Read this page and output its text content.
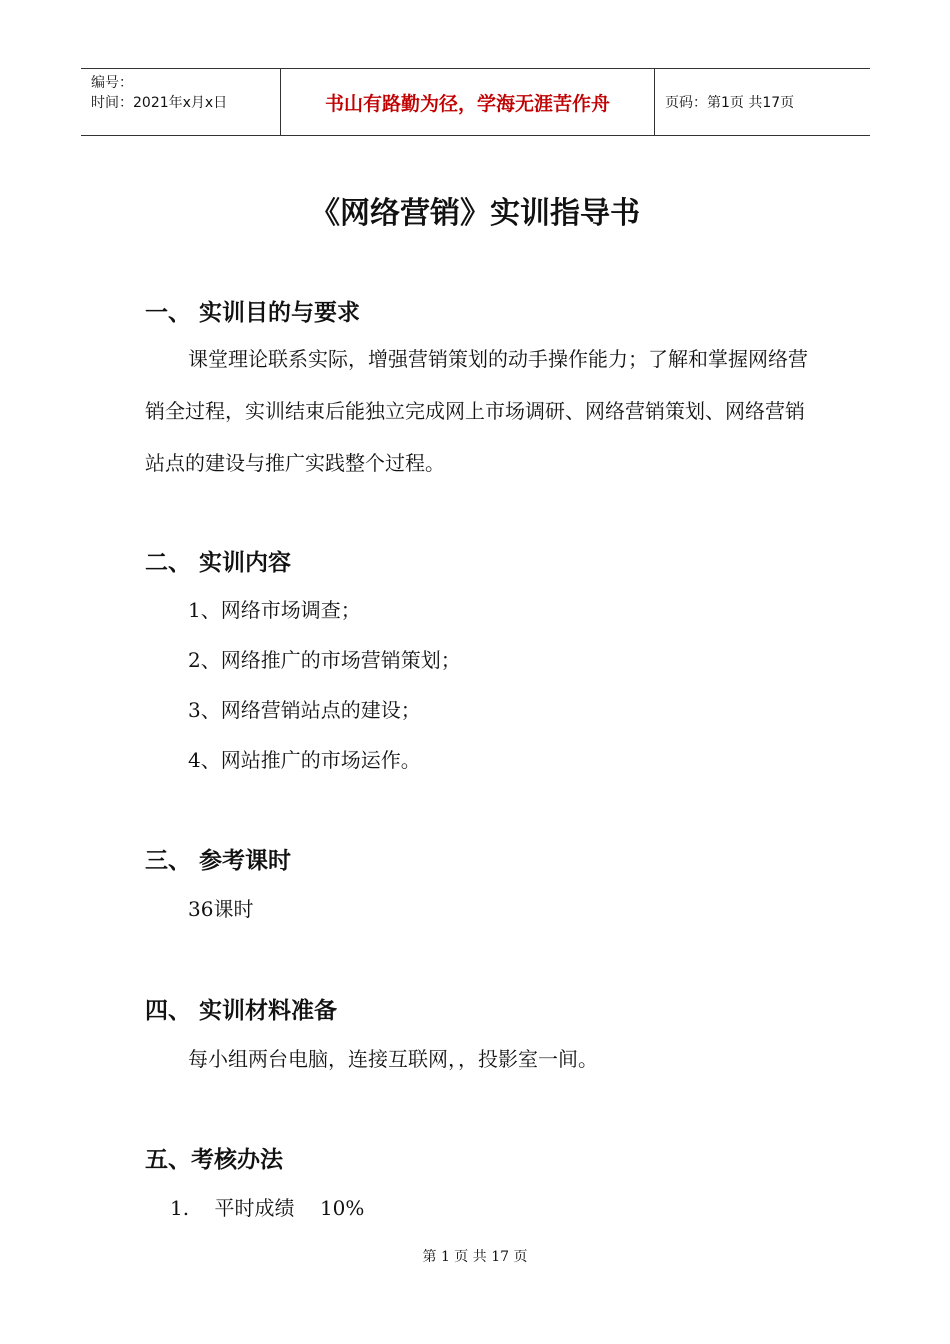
编号：
时间：2021年x月x日	书山有路勤为径，学海无涯苦作舟	页码：第1页 共17页
《网络营销》实训指导书
一、 实训目的与要求
课堂理论联系实际，增强营销策划的动手操作能力；了解和掌握网络营销全过程，实训结束后能独立完成网上市场调研、网络营销策划、网络营销站点的建设与推广实践整个过程。
二、 实训内容
1、网络市场调查；
2、网络推广的市场营销策划；
3、网络营销站点的建设；
4、网站推广的市场运作。
三、 参考课时
36课时
四、 实训材料准备
每小组两台电脑，连接互联网，，投影室一间。
五、考核办法
1.    平时成绩    10%
第 1 页 共 17 页
